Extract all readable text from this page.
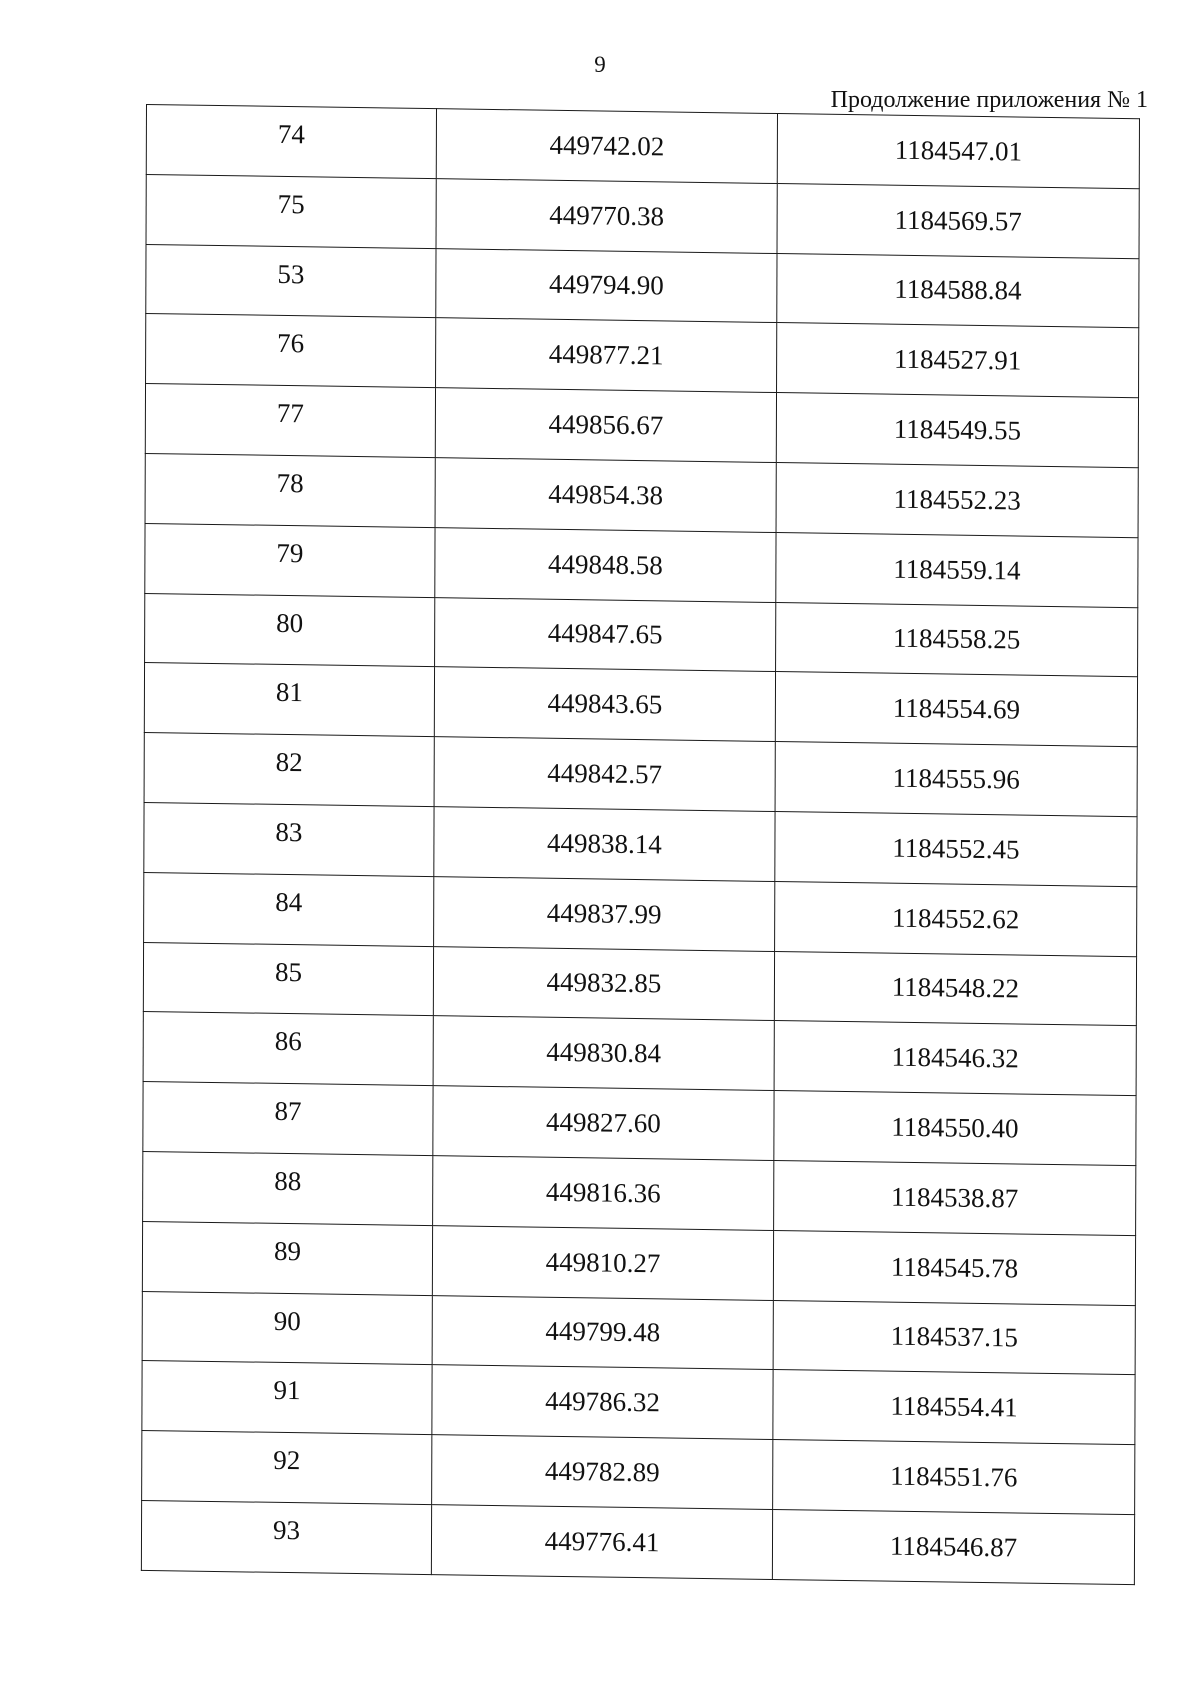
9
Продолжение приложения № 1
74	449742.02	1184547.01
75	449770.38	1184569.57
53	449794.90	1184588.84
76	449877.21	1184527.91
77	449856.67	1184549.55
78	449854.38	1184552.23
79	449848.58	1184559.14
80	449847.65	1184558.25
81	449843.65	1184554.69
82	449842.57	1184555.96
83	449838.14	1184552.45
84	449837.99	1184552.62
85	449832.85	1184548.22
86	449830.84	1184546.32
87	449827.60	1184550.40
88	449816.36	1184538.87
89	449810.27	1184545.78
90	449799.48	1184537.15
91	449786.32	1184554.41
92	449782.89	1184551.76
93	449776.41	1184546.87
